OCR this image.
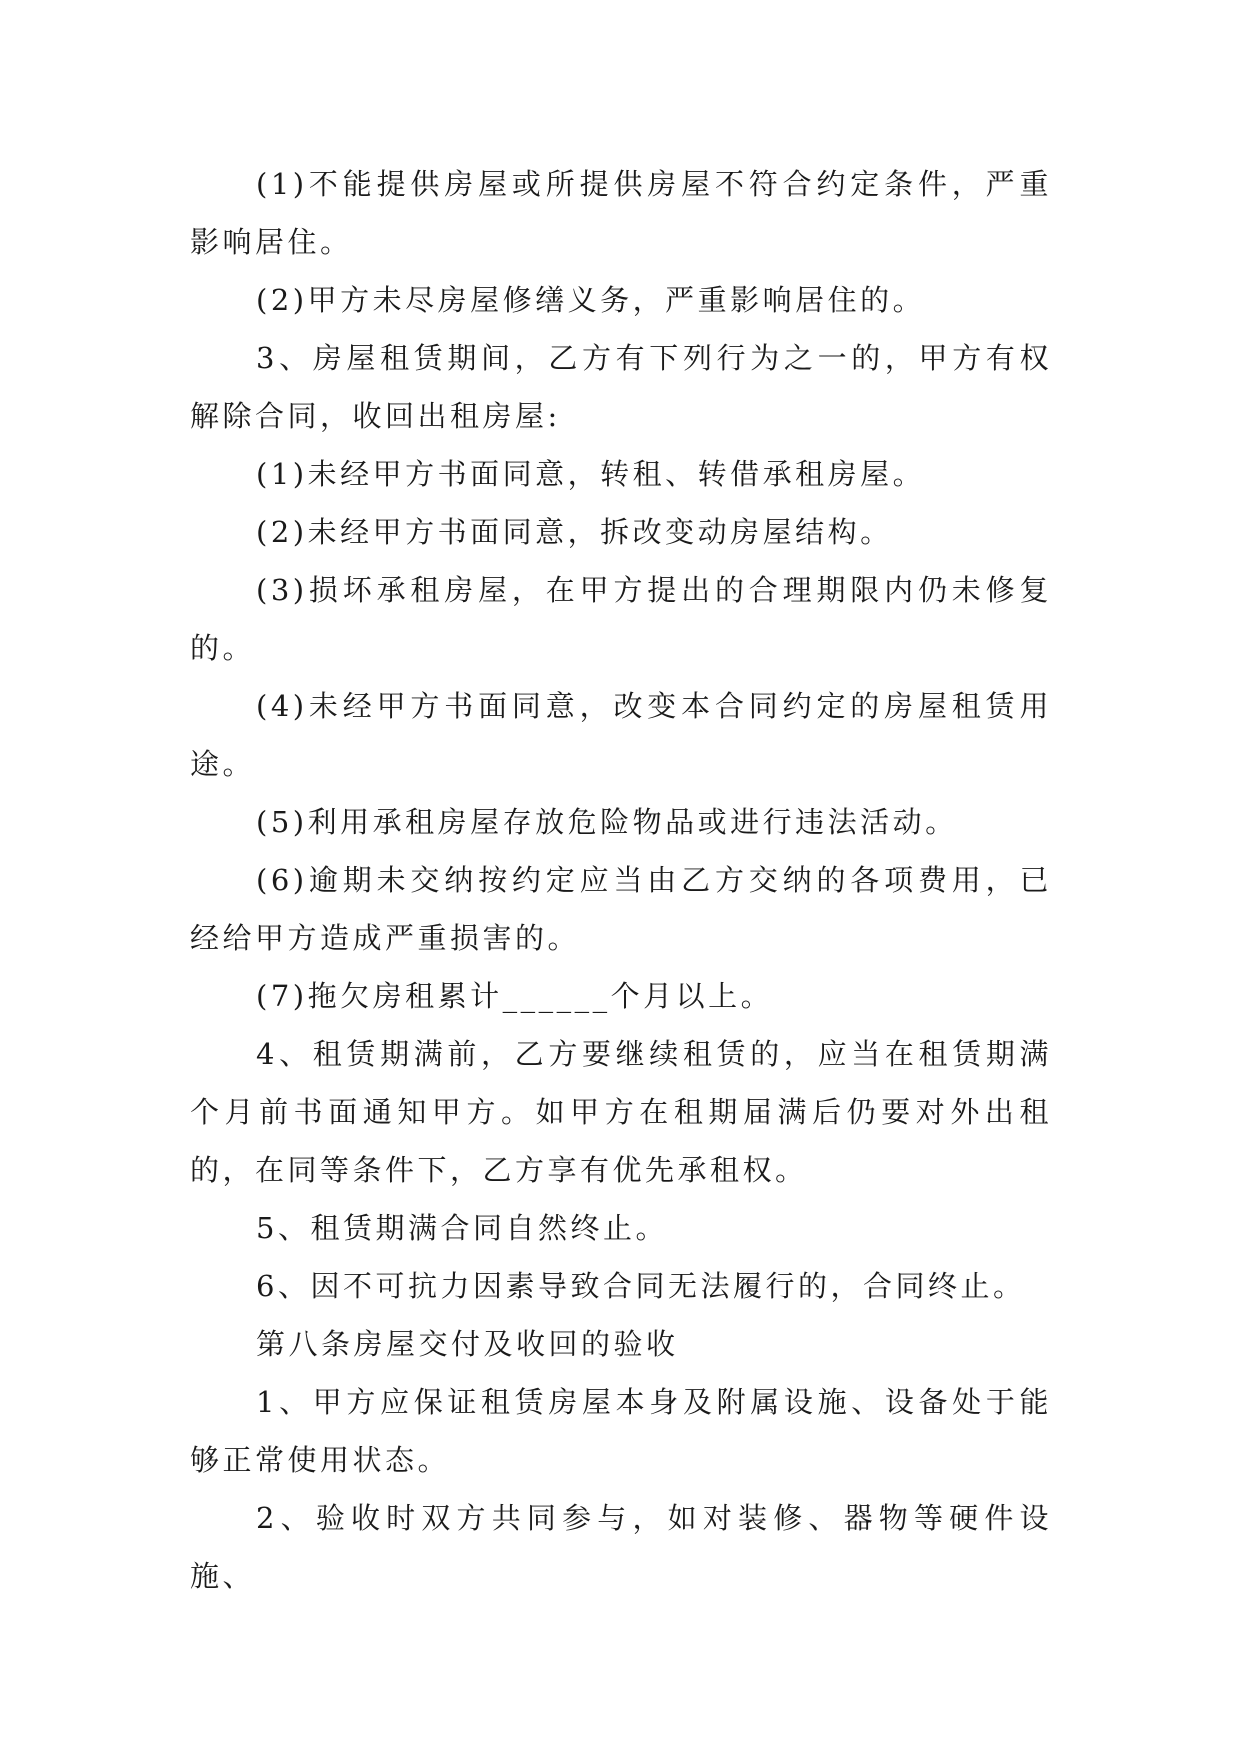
(1)不能提供房屋或所提供房屋不符合约定条件，严重影响居住。

(2)甲方未尽房屋修缮义务，严重影响居住的。

3、房屋租赁期间，乙方有下列行为之一的，甲方有权解除合同，收回出租房屋:

(1)未经甲方书面同意，转租、转借承租房屋。

(2)未经甲方书面同意，拆改变动房屋结构。

(3)损坏承租房屋，在甲方提出的合理期限内仍未修复的。

(4)未经甲方书面同意，改变本合同约定的房屋租赁用途。

(5)利用承租房屋存放危险物品或进行违法活动。

(6)逾期未交纳按约定应当由乙方交纳的各项费用，已经给甲方造成严重损害的。

(7)拖欠房租累计______个月以上。

4、租赁期满前，乙方要继续租赁的，应当在租赁期满个月前书面通知甲方。如甲方在租期届满后仍要对外出租的，在同等条件下，乙方享有优先承租权。

5、租赁期满合同自然终止。

6、因不可抗力因素导致合同无法履行的，合同终止。

第八条房屋交付及收回的验收

1、甲方应保证租赁房屋本身及附属设施、设备处于能够正常使用状态。

2、验收时双方共同参与，如对装修、器物等硬件设施、
